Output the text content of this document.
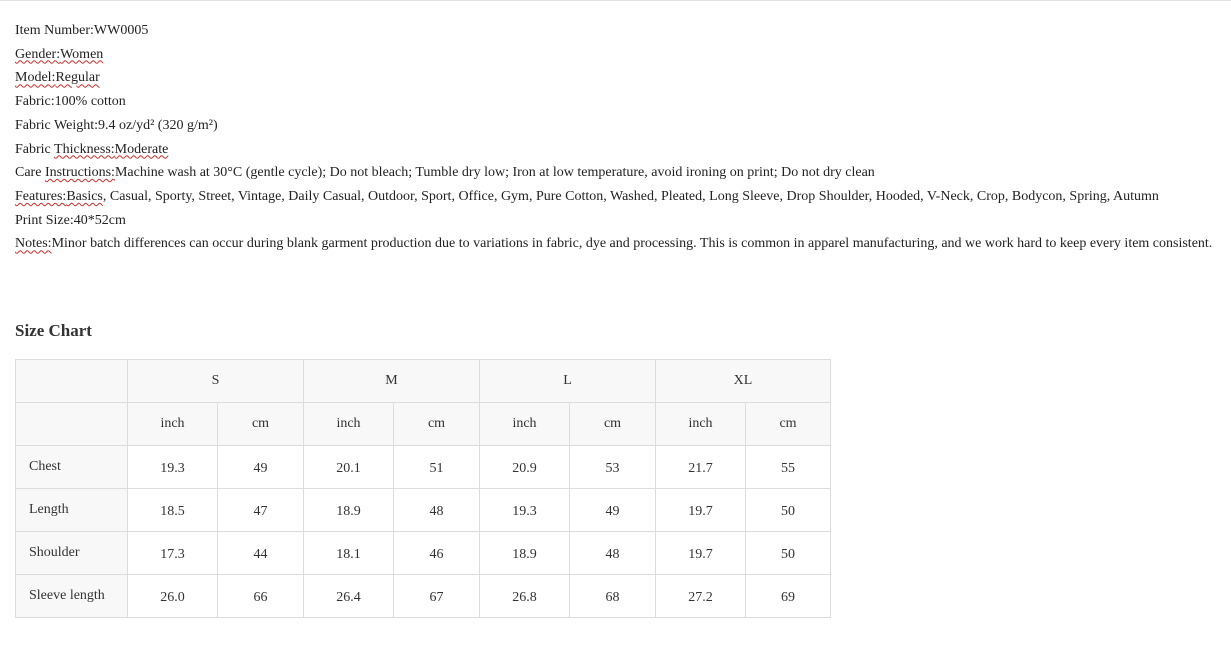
Item Number:WW0005
Gender:Women
Model:Regular
Fabric:100% cotton
Fabric Weight:9.4 oz/yd² (320 g/m²)
Fabric Thickness:Moderate
Care Instructions:Machine wash at 30°C (gentle cycle); Do not bleach; Tumble dry low; Iron at low temperature, avoid ironing on print; Do not dry clean
Features:Basics, Casual, Sporty, Street, Vintage, Daily Casual, Outdoor, Sport, Office, Gym, Pure Cotton, Washed, Pleated, Long Sleeve, Drop Shoulder, Hooded, V-Neck, Crop, Bodycon, Spring, Autumn
Print Size:40*52cm
Notes:Minor batch differences can occur during blank garment production due to variations in fabric, dye and processing. This is common in apparel manufacturing, and we work hard to keep every item consistent.
Size Chart
	S		M		L		XL	
	inch	cm	inch	cm	inch	cm	inch	cm
Chest	19.3	49	20.1	51	20.9	53	21.7	55
Length	18.5	47	18.9	48	19.3	49	19.7	50
Shoulder	17.3	44	18.1	46	18.9	48	19.7	50
Sleeve length	26.0	66	26.4	67	26.8	68	27.2	69
